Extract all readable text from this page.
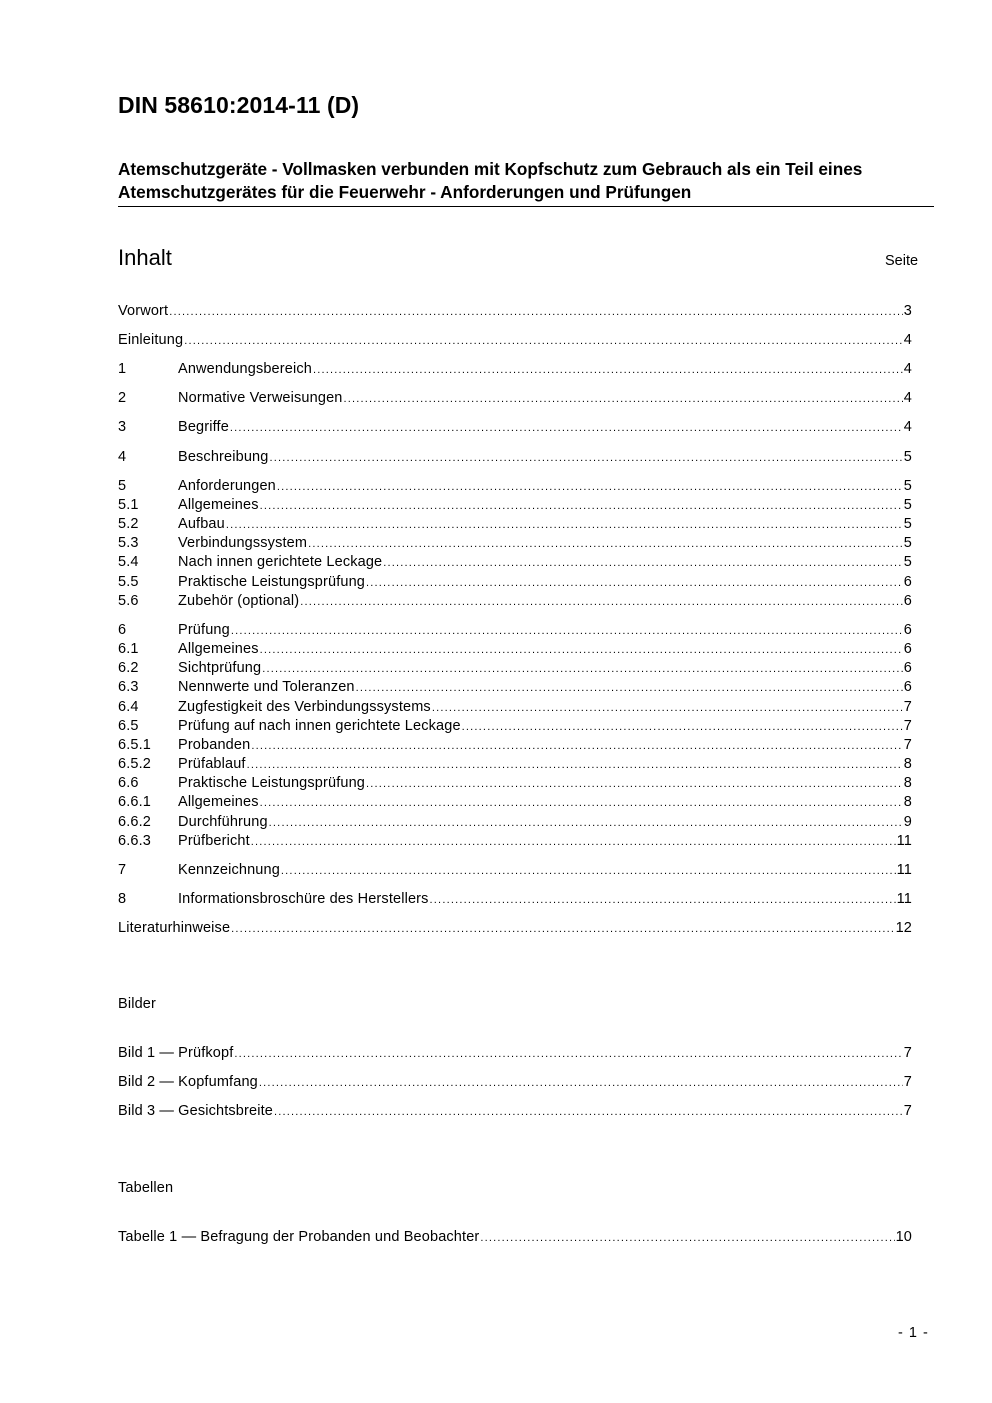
DIN 58610:2014-11 (D)
Atemschutzgeräte - Vollmasken verbunden mit Kopfschutz zum Gebrauch als ein Teil eines Atemschutzgerätes für die Feuerwehr - Anforderungen und Prüfungen
Inhalt	Seite
Vorwort .....	3
Einleitung .....	4
1	Anwendungsbereich .....	4
2	Normative Verweisungen .....	4
3	Begriffe .....	4
4	Beschreibung .....	5
5	Anforderungen .....	5
5.1	Allgemeines .....	5
5.2	Aufbau .....	5
5.3	Verbindungssystem .....	5
5.4	Nach innen gerichtete Leckage .....	5
5.5	Praktische Leistungsprüfung .....	6
5.6	Zubehör (optional) .....	6
6	Prüfung .....	6
6.1	Allgemeines .....	6
6.2	Sichtprüfung .....	6
6.3	Nennwerte und Toleranzen .....	6
6.4	Zugfestigkeit des Verbindungssystems .....	7
6.5	Prüfung auf nach innen gerichtete Leckage .....	7
6.5.1	Probanden .....	7
6.5.2	Prüfablauf .....	8
6.6	Praktische Leistungsprüfung .....	8
6.6.1	Allgemeines .....	8
6.6.2	Durchführung .....	9
6.6.3	Prüfbericht .....	11
7	Kennzeichnung .....	11
8	Informationsbroschüre des Herstellers .....	11
Literaturhinweise .....	12
Bilder
Bild 1 — Prüfkopf .....	7
Bild 2 — Kopfumfang .....	7
Bild 3 — Gesichtsbreite .....	7
Tabellen
Tabelle 1 — Befragung der Probanden und Beobachter .....	10
- 1 -
